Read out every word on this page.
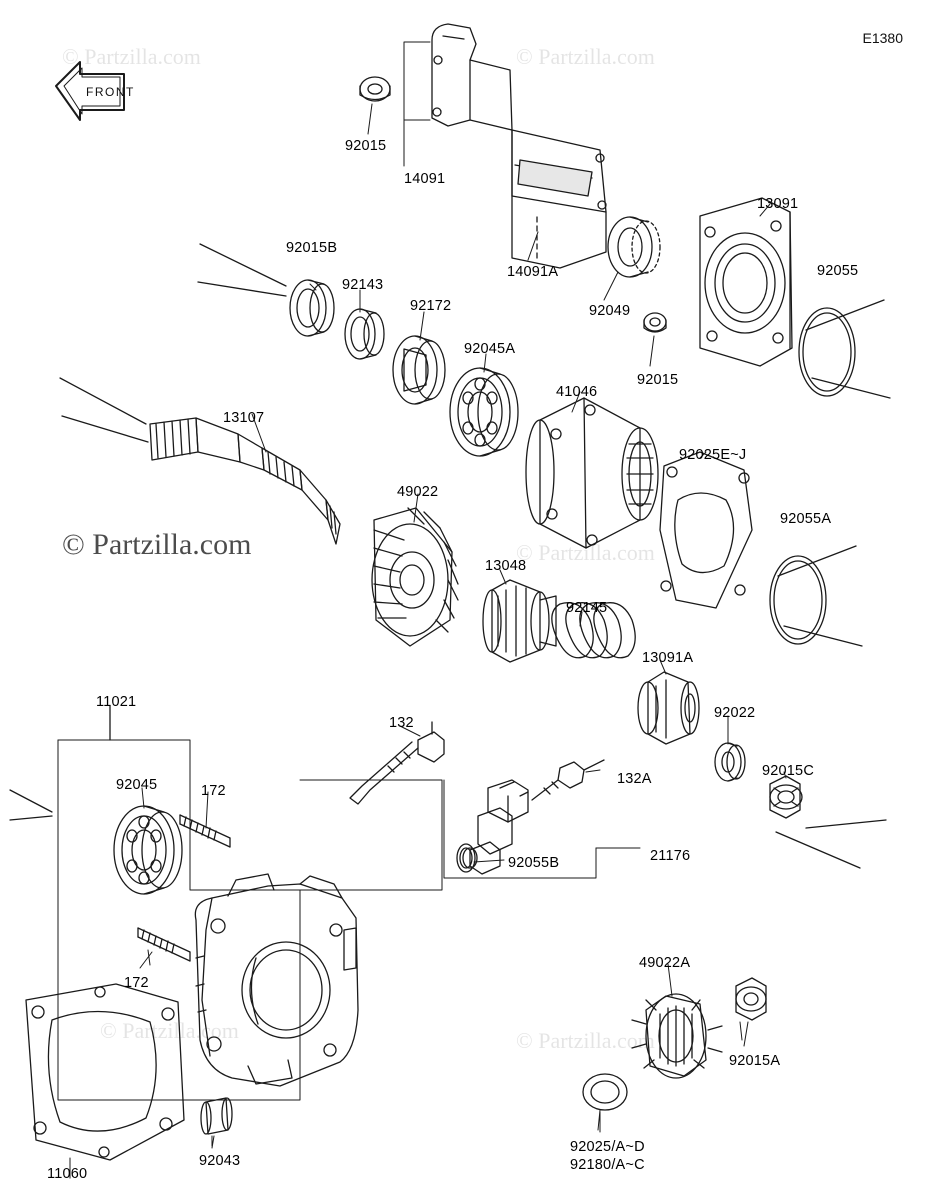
FRONT
© Partzilla.com	© Partzilla.com
© Partzilla.com	© Partzilla.com
© Partzilla.com	© Partzilla.com
E1380
92015
14091
14091A
92049
13091
92055
92015B
92143
92172
92045A
92015
41046
13107
92025E~J
92055A
49022
13048
92145
13091A
92022
92015C
11021
132
132A
92045	172
92055B	21176
172
49022A
92015A
92043
11060
92025/A~D
92180/A~C
